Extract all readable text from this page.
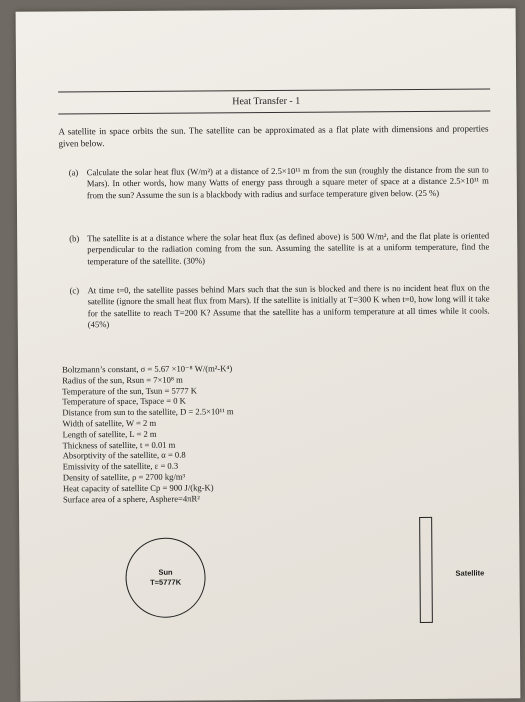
Heat Transfer - 1
A satellite in space orbits the sun. The satellite can be approximated as a flat plate with dimensions and properties given below.
(a) Calculate the solar heat flux (W/m²) at a distance of 2.5×10¹¹ m from the sun (roughly the distance from the sun to Mars). In other words, how many Watts of energy pass through a square meter of space at a distance 2.5×10¹¹ m from the sun? Assume the sun is a blackbody with radius and surface temperature given below. (25 %)
(b) The satellite is at a distance where the solar heat flux (as defined above) is 500 W/m², and the flat plate is oriented perpendicular to the radiation coming from the sun. Assuming the satellite is at a uniform temperature, find the temperature of the satellite. (30%)
(c) At time t=0, the satellite passes behind Mars such that the sun is blocked and there is no incident heat flux on the satellite (ignore the small heat flux from Mars). If the satellite is initially at T=300 K when t=0, how long will it take for the satellite to reach T=200 K? Assume that the satellite has a uniform temperature at all times while it cools. (45%)
Boltzmann’s constant, σ = 5.67 ×10⁻⁸ W/(m²-K⁴)
Radius of the sun, Rsun = 7×10⁸ m
Temperature of the sun, Tsun = 5777 K
Temperature of space, Tspace = 0 K
Distance from sun to the satellite, D = 2.5×10¹¹ m
Width of satellite, W = 2 m
Length of satellite, L = 2 m
Thickness of satellite, t = 0.01 m
Absorptivity of the satellite, α = 0.8
Emissivity of the satellite, ε = 0.3
Density of satellite, ρ = 2700 kg/m³
Heat capacity of satellite Cp = 900 J/(kg-K)
Surface area of a sphere, Asphere=4πR²
Sun
T=5777K
Satellite
